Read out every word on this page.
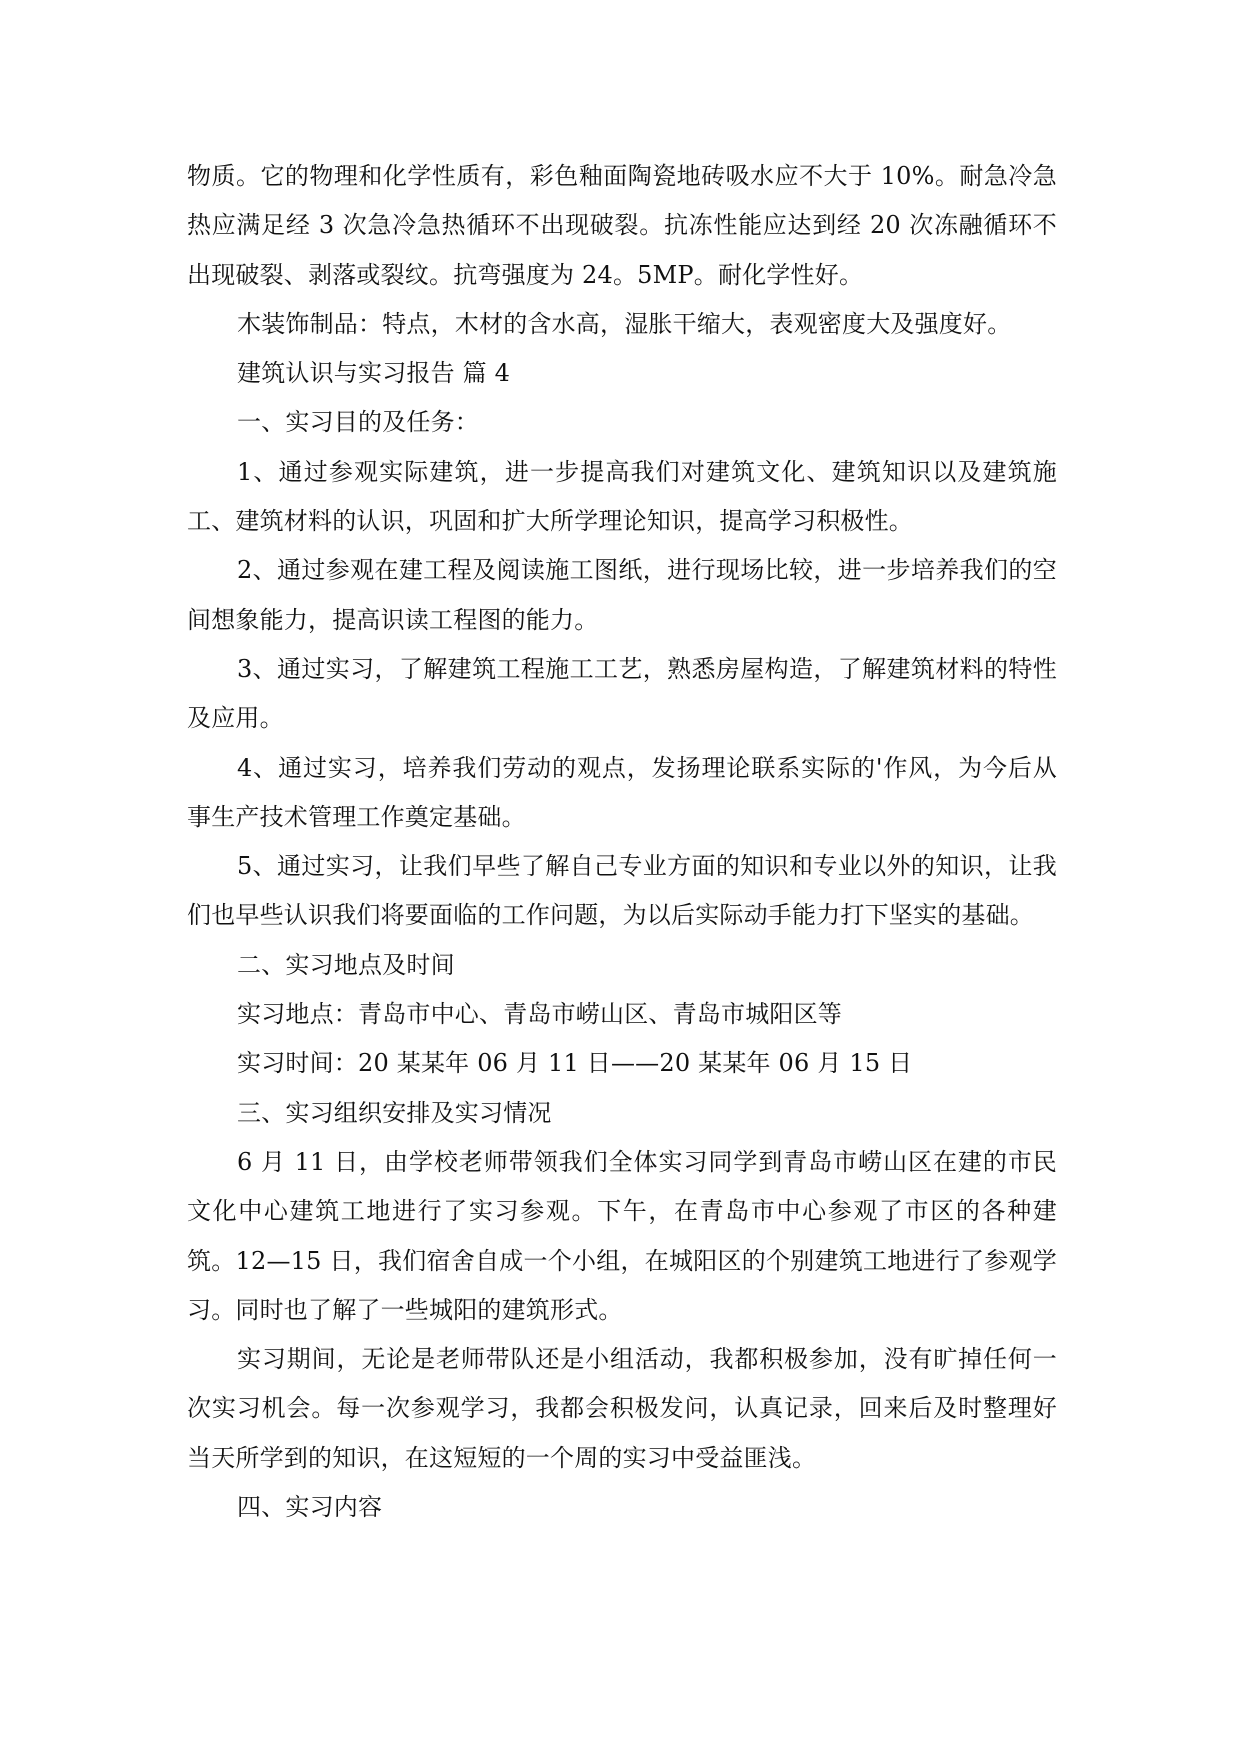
物质。它的物理和化学性质有，彩色釉面陶瓷地砖吸水应不大于 10%。耐急冷急热应满足经 3 次急冷急热循环不出现破裂。抗冻性能应达到经 20 次冻融循环不出现破裂、剥落或裂纹。抗弯强度为 24。5MP。耐化学性好。

木装饰制品：特点，木材的含水高，湿胀干缩大，表观密度大及强度好。

建筑认识与实习报告 篇 4

一、实习目的及任务：

1、通过参观实际建筑，进一步提高我们对建筑文化、建筑知识以及建筑施工、建筑材料的认识，巩固和扩大所学理论知识，提高学习积极性。

2、通过参观在建工程及阅读施工图纸，进行现场比较，进一步培养我们的空间想象能力，提高识读工程图的能力。

3、通过实习，了解建筑工程施工工艺，熟悉房屋构造，了解建筑材料的特性及应用。

4、通过实习，培养我们劳动的观点，发扬理论联系实际的'作风，为今后从事生产技术管理工作奠定基础。

5、通过实习，让我们早些了解自己专业方面的知识和专业以外的知识，让我们也早些认识我们将要面临的工作问题，为以后实际动手能力打下坚实的基础。

二、实习地点及时间

实习地点：青岛市中心、青岛市崂山区、青岛市城阳区等

实习时间：20 某某年 06 月 11 日——20 某某年 06 月 15 日

三、实习组织安排及实习情况

6 月 11 日，由学校老师带领我们全体实习同学到青岛市崂山区在建的市民文化中心建筑工地进行了实习参观。下午，在青岛市中心参观了市区的各种建筑。12—15 日，我们宿舍自成一个小组，在城阳区的个别建筑工地进行了参观学习。同时也了解了一些城阳的建筑形式。

实习期间，无论是老师带队还是小组活动，我都积极参加，没有旷掉任何一次实习机会。每一次参观学习，我都会积极发问，认真记录，回来后及时整理好当天所学到的知识，在这短短的一个周的实习中受益匪浅。

四、实习内容
